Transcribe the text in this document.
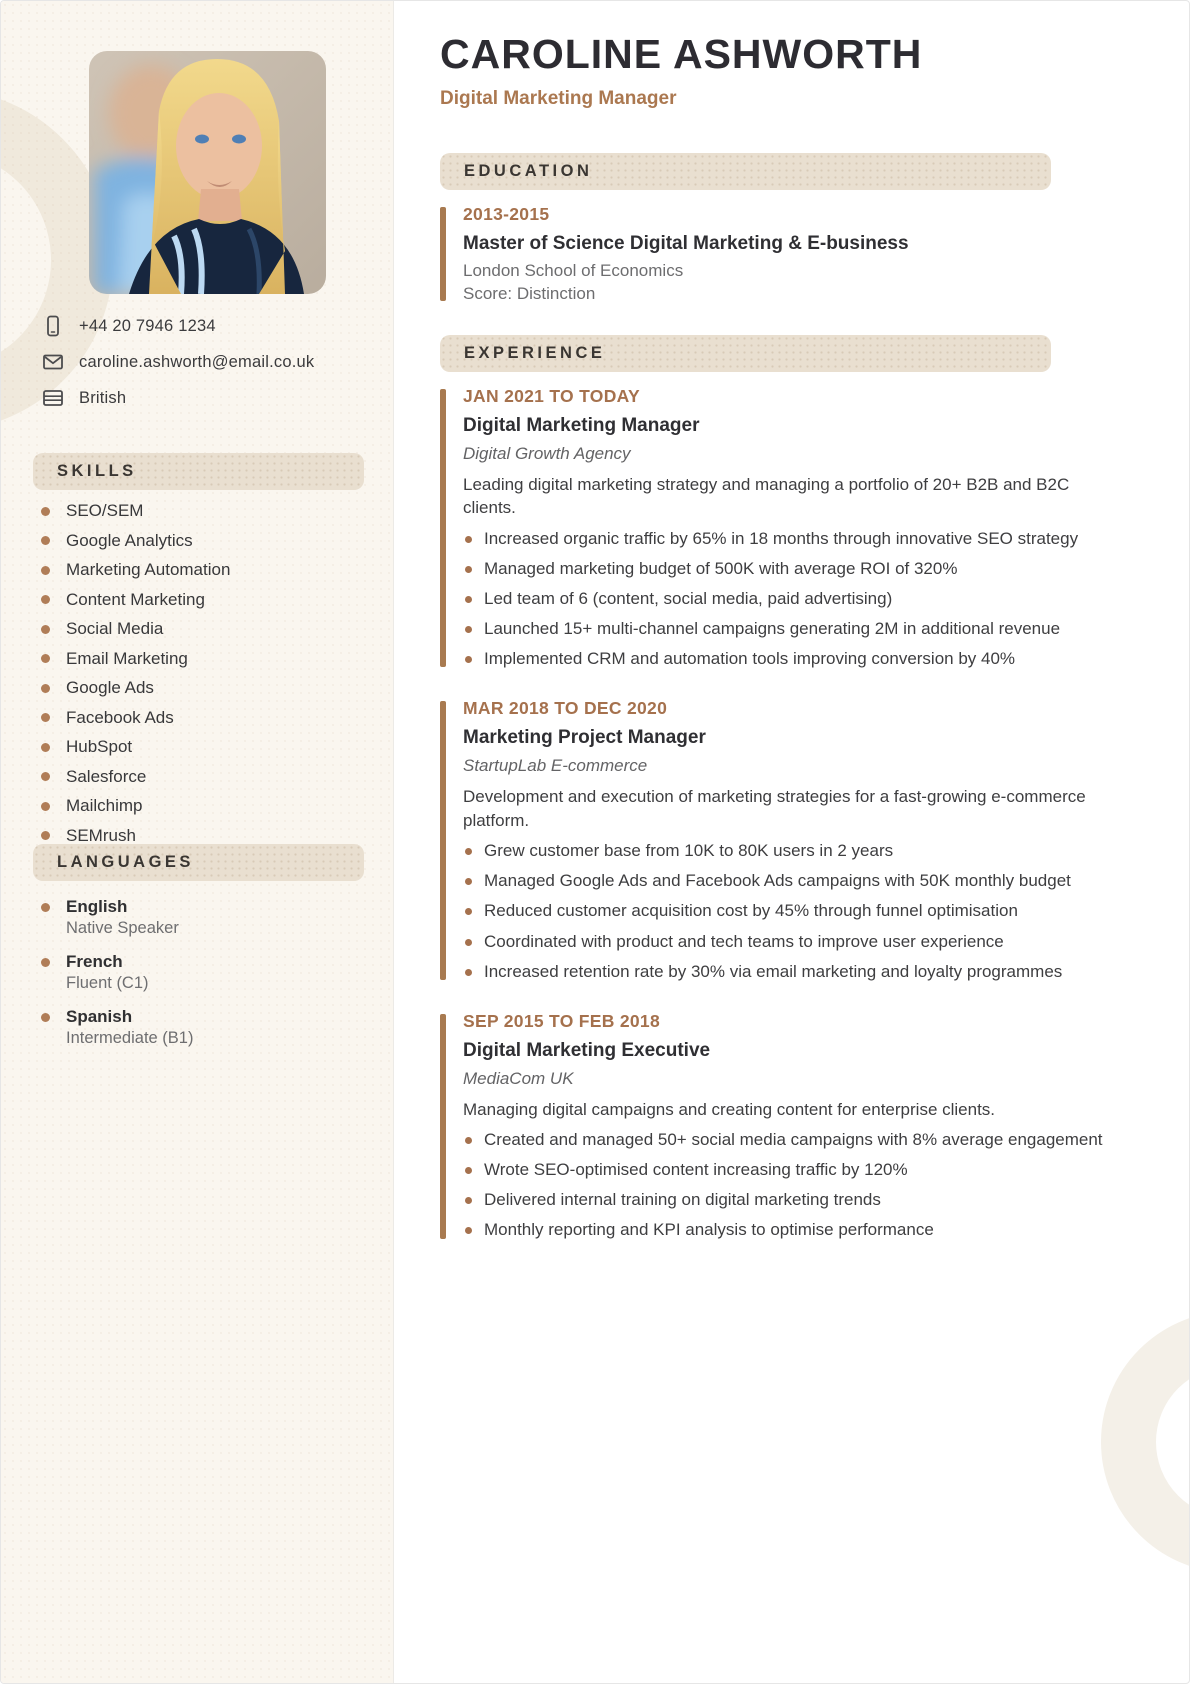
+44 20 7946 1234
caroline.ashworth@email.co.uk
British
SKILLS
SEO/SEM
Google Analytics
Marketing Automation
Content Marketing
Social Media
Email Marketing
Google Ads
Facebook Ads
HubSpot
Salesforce
Mailchimp
SEMrush
LANGUAGES
English
Native Speaker
French
Fluent (C1)
Spanish
Intermediate (B1)
CAROLINE ASHWORTH
Digital Marketing Manager
EDUCATION
2013-2015
Master of Science Digital Marketing & E-business
London School of Economics
Score: Distinction
EXPERIENCE
JAN 2021 TO TODAY
Digital Marketing Manager
Digital Growth Agency
Leading digital marketing strategy and managing a portfolio of 20+ B2B and B2C clients.
Increased organic traffic by 65% in 18 months through innovative SEO strategy
Managed marketing budget of 500K with average ROI of 320%
Led team of 6 (content, social media, paid advertising)
Launched 15+ multi-channel campaigns generating 2M in additional revenue
Implemented CRM and automation tools improving conversion by 40%
MAR 2018 TO DEC 2020
Marketing Project Manager
StartupLab E-commerce
Development and execution of marketing strategies for a fast-growing e-commerce platform.
Grew customer base from 10K to 80K users in 2 years
Managed Google Ads and Facebook Ads campaigns with 50K monthly budget
Reduced customer acquisition cost by 45% through funnel optimisation
Coordinated with product and tech teams to improve user experience
Increased retention rate by 30% via email marketing and loyalty programmes
SEP 2015 TO FEB 2018
Digital Marketing Executive
MediaCom UK
Managing digital campaigns and creating content for enterprise clients.
Created and managed 50+ social media campaigns with 8% average engagement
Wrote SEO-optimised content increasing traffic by 120%
Delivered internal training on digital marketing trends
Monthly reporting and KPI analysis to optimise performance
